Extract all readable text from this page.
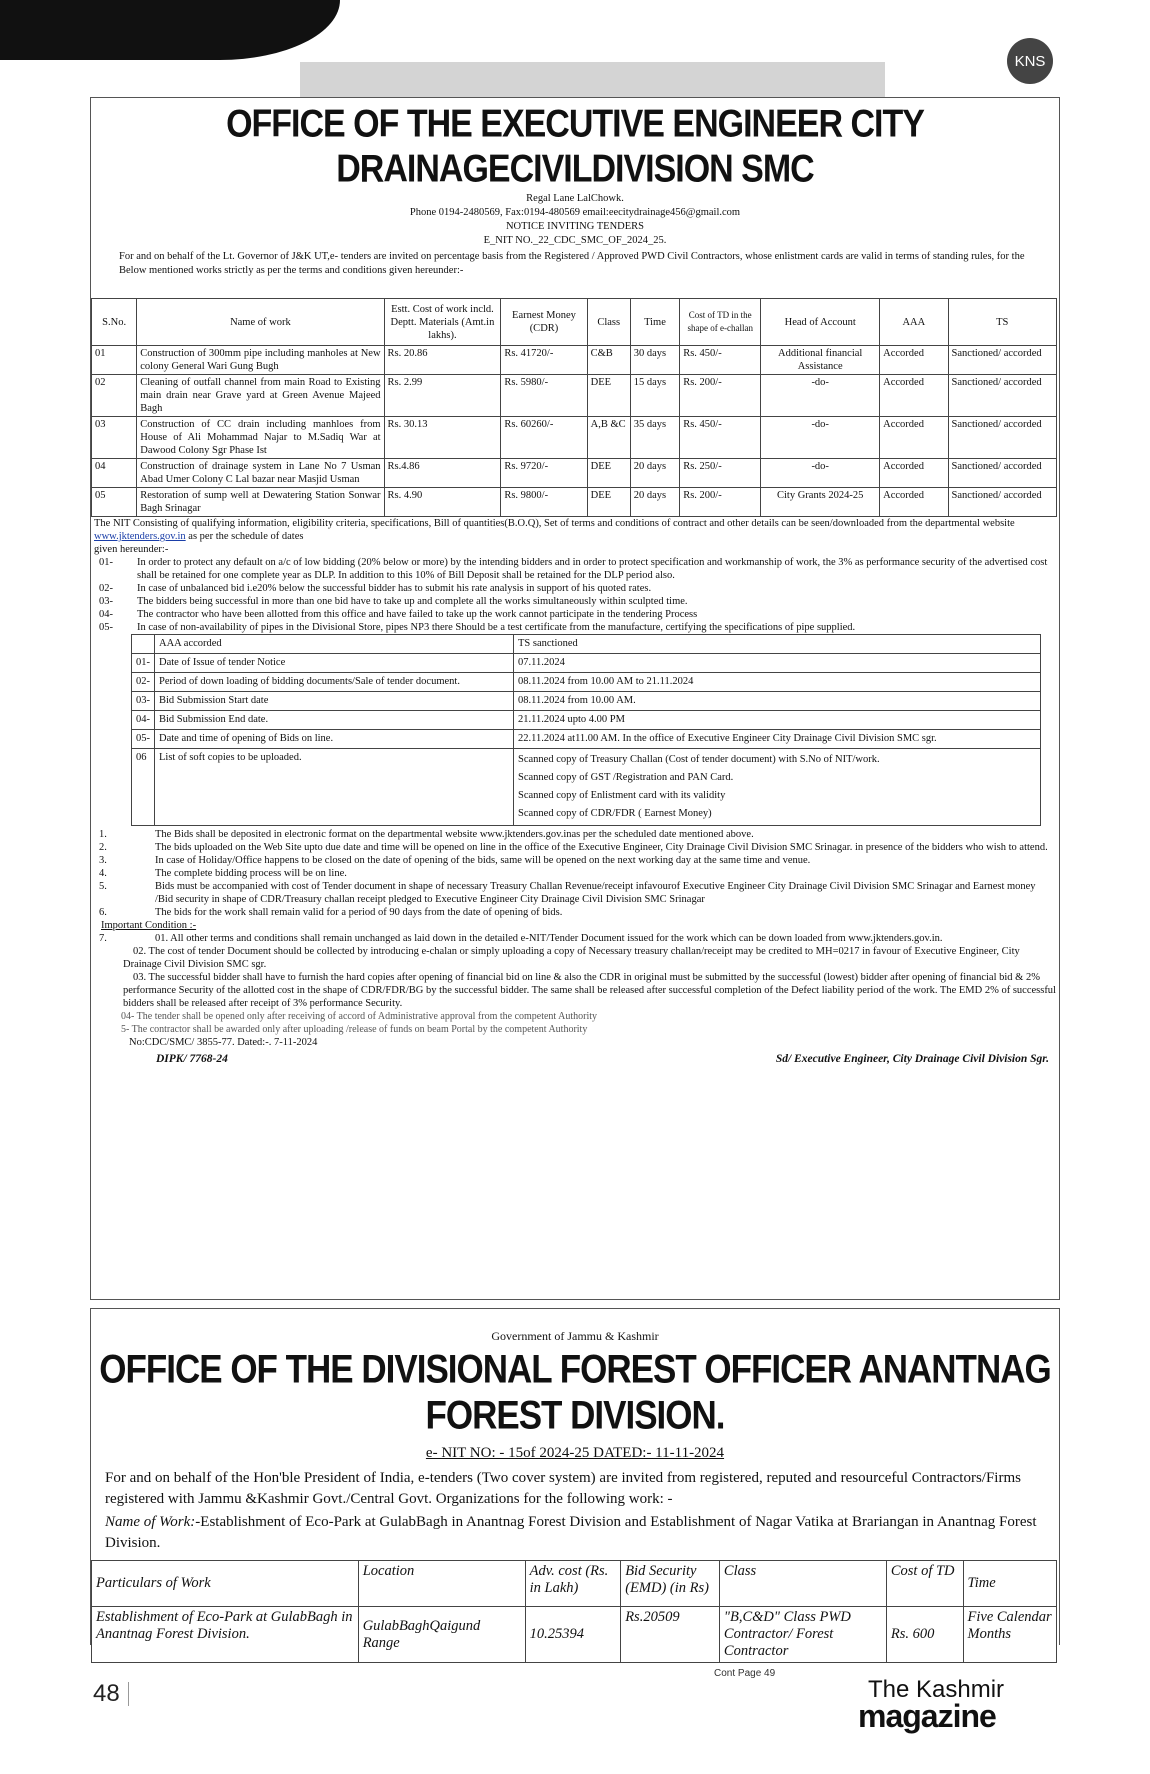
KNS
OFFICE OF THE EXECUTIVE ENGINEER CITY DRAINAGECIVILDIVISION SMC
Regal Lane LalChowk.
Phone 0194-2480569, Fax:0194-480569 email:eecitydrainage456@gmail.com
NOTICE INVITING TENDERS
E_NIT NO._22_CDC_SMC_OF_2024_25.
For and on behalf of the Lt. Governor of J&K UT,e- tenders are invited on percentage basis from the Registered / Approved PWD Civil Contractors, whose enlistment cards are valid in terms of standing rules, for the Below mentioned works strictly as per the terms and conditions given hereunder:-
S.No.	Name of work	Estt. Cost of work incld. Deptt. Materials (Amt.in lakhs).	Earnest Money (CDR)	Class	Time	Cost of TD in the shape of e-challan	Head of Account	AAA	TS
01	Construction of 300mm pipe including manholes at New colony General Wari Gung Bugh	Rs. 20.86	Rs. 41720/-	C&B	30 days	Rs. 450/-	Additional financial Assistance	Accorded	Sanctioned/ accorded
02	Cleaning of outfall channel from main Road to Existing main drain near Grave yard at Green Avenue Majeed Bagh	Rs. 2.99	Rs. 5980/-	DEE	15 days	Rs. 200/-	-do-	Accorded	Sanctioned/ accorded
03	Construction of CC drain including manhloes from House of Ali Mohammad Najar to M.Sadiq War at Dawood Colony Sgr Phase Ist	Rs. 30.13	Rs. 60260/-	A,B &C	35 days	Rs. 450/-	-do-	Accorded	Sanctioned/ accorded
04	Construction of drainage system in Lane No 7 Usman Abad Umer Colony C Lal bazar near Masjid Usman	Rs.4.86	Rs. 9720/-	DEE	20 days	Rs. 250/-	-do-	Accorded	Sanctioned/ accorded
05	Restoration of sump well at Dewatering Station Sonwar Bagh Srinagar	Rs. 4.90	Rs. 9800/-	DEE	20 days	Rs. 200/-	City Grants 2024-25	Accorded	Sanctioned/ accorded
The NIT Consisting of qualifying information, eligibility criteria, specifications, Bill of quantities(B.O.Q), Set of terms and conditions of contract and other details can be seen/downloaded from the departmental website www.jktenders.gov.in as per the schedule of dates
given hereunder:-
01-	In order to protect any default on a/c of low bidding (20% below or more) by the intending bidders and in order to protect specification and workmanship of work, the 3% as performance security of the advertised cost shall be retained for one complete year as DLP. In addition to this 10% of Bill Deposit shall be retained for the DLP period also.
02-	In case of unbalanced bid i.e20% below the successful bidder has to submit his rate analysis in support of his quoted rates.
03-	The bidders being successful in more than one bid have to take up and complete all the works simultaneously within sculpted time.
04-	The contractor who have been allotted from this office and have failed to take up the work cannot participate in the tendering Process
05-	In case of non-availability of pipes in the Divisional Store, pipes NP3 there Should be a test certificate from the manufacture, certifying the specifications of pipe supplied.
	AAA accorded	TS sanctioned
01-	Date of Issue of tender Notice	07.11.2024
02-	Period of down loading of bidding documents/Sale of tender document.	08.11.2024 from 10.00 AM to 21.11.2024
03-	Bid Submission Start date	08.11.2024 from 10.00 AM.
04-	Bid Submission End date.	21.11.2024 upto 4.00 PM
05-	Date and time of opening of Bids on line.	22.11.2024 at11.00 AM. In the office of Executive Engineer City Drainage Civil Division SMC sgr.
06	List of soft copies to be uploaded.	Scanned copy of Treasury Challan (Cost of tender document) with S.No of NIT/work.
Scanned copy of GST /Registration and PAN Card.
Scanned copy of Enlistment card with its validity
Scanned copy of CDR/FDR ( Earnest Money)
1.	The Bids shall be deposited in electronic format on the departmental website www.jktenders.gov.inas per the scheduled date mentioned above.
2.	The bids uploaded on the Web Site upto due date and time will be opened on line in the office of the Executive Engineer, City Drainage Civil Division SMC Srinagar. in presence of the bidders who wish to attend.
3.	In case of Holiday/Office happens to be closed on the date of opening of the bids, same will be opened on the next working day at the same time and venue.
4.	The complete bidding process will be on line.
5.	Bids must be accompanied with cost of Tender document in shape of necessary Treasury Challan Revenue/receipt infavourof Executive Engineer City Drainage Civil Division SMC Srinagar and Earnest money /Bid security in shape of CDR/Treasury challan receipt pledged to Executive Engineer City Drainage Civil Division SMC Srinagar
6.	The bids for the work shall remain valid for a period of 90 days from the date of opening of bids.
Important Condition :-
7.	01. All other terms and conditions shall remain unchanged as laid down in the detailed e-NIT/Tender Document issued for the work which can be down loaded from www.jktenders.gov.in.
02. The cost of tender Document should be collected by introducing e-chalan or simply uploading a copy of Necessary treasury challan/receipt may be credited to MH=0217 in favour of Executive Engineer, City Drainage Civil Division SMC sgr.
03. The successful bidder shall have to furnish the hard copies after opening of financial bid on line & also the CDR in original must be submitted by the successful (lowest) bidder after opening of financial bid & 2% performance Security of the allotted cost in the shape of CDR/FDR/BG by the successful bidder. The same shall be released after successful completion of the Defect liability period of the work. The EMD 2% of successful bidders shall be released after receipt of 3% performance Security.
04- The tender shall be opened only after receiving of accord of Administrative approval from the competent Authority
5- The contractor shall be awarded only after uploading /release of funds on beam Portal by the competent Authority
No:CDC/SMC/ 3855-77. Dated:-. 7-11-2024
DIPK/ 7768-24	Sd/ Executive Engineer, City Drainage Civil Division Sgr.
Government of Jammu & Kashmir
OFFICE OF THE DIVISIONAL FOREST OFFICER ANANTNAG FOREST DIVISION.
e- NIT NO: - 15of 2024-25 DATED:- 11-11-2024
For and on behalf of the Hon'ble President of India, e-tenders (Two cover system) are invited from registered, reputed and resourceful Contractors/Firms registered with Jammu &Kashmir Govt./Central Govt. Organizations for the following work: -
Name of Work:-Establishment of Eco-Park at GulabBagh in Anantnag Forest Division and Establishment of Nagar Vatika at Brariangan in Anantnag Forest Division.
Particulars of Work	Location	Adv. cost (Rs. in Lakh)	Bid Security (EMD) (in Rs)	Class	Cost of TD	Time
Establishment of Eco-Park at GulabBagh in Anantnag Forest Division.	GulabBaghQaigund Range	10.25394	Rs.20509	"B,C&D" Class PWD Contractor/ Forest Contractor	Rs. 600	Five Calendar Months
48
Cont Page 49
The Kashmir
magazine
